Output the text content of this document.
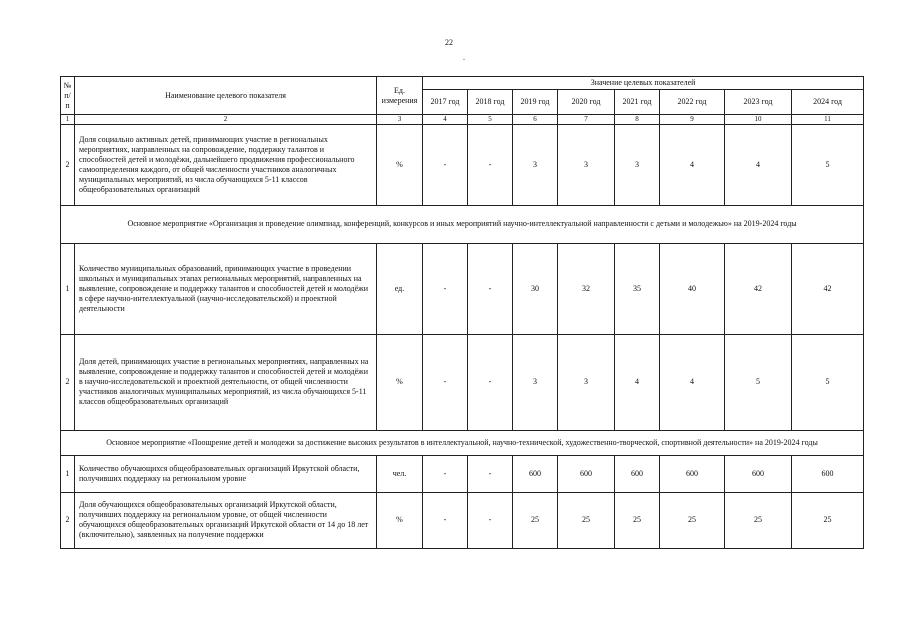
22
.
№ п/п	Наименование целевого показателя	Ед. измерения	Значение целевых показателей							
			2017 год	2018 год	2019 год	2020 год	2021 год	2022 год	2023 год	2024 год
1	2	3	4	5	6	7	8	9	10	11
2	Доля социально активных детей, принимающих участие в региональных мероприятиях, направленных на сопровождение, поддержку талантов и способностей детей и молодёжи, дальнейшего продвижения профессионального самоопределения каждого, от общей численности участников аналогичных муниципальных мероприятий, из числа обучающихся 5-11 классов общеобразовательных организаций	%	-	-	3	3	3	4	4	5
Основное мероприятие «Организация и проведение олимпиад, конференций, конкурсов и иных мероприятий научно-интеллектуальной направленности с детьми и молодежью» на 2019-2024 годы										
1	Количество муниципальных образований, принимающих участие в проведении школьных и муниципальных этапах региональных мероприятий, направленных на выявление, сопровождение и поддержку талантов и способностей детей и молодёжи в сфере научно-интеллектуальной (научно-исследовательской) и проектной деятельности	ед.	-	-	30	32	35	40	42	42
2	Доля детей, принимающих участие в региональных мероприятиях, направленных на выявление, сопровождение и поддержку талантов и способностей детей и молодёжи в научно-исследовательской и проектной деятельности, от общей численности участников аналогичных муниципальных мероприятий, из числа обучающихся 5-11 классов общеобразовательных организаций	%	-	-	3	3	4	4	5	5
Основное мероприятие «Поощрение детей и молодежи за достижение высоких результатов в интеллектуальной, научно-технической, художественно-творческой, спортивной деятельности» на 2019-2024 годы										
1	Количество обучающихся общеобразовательных организаций Иркутской области, получивших поддержку на региональном уровне	чел.	-	-	600	600	600	600	600	600
2	Доля обучающихся общеобразовательных организаций Иркутской области, получивших поддержку на региональном уровне, от общей численности обучающихся общеобразовательных организаций Иркутской области от 14 до 18 лет (включительно), заявленных на получение поддержки	%	-	-	25	25	25	25	25	25
